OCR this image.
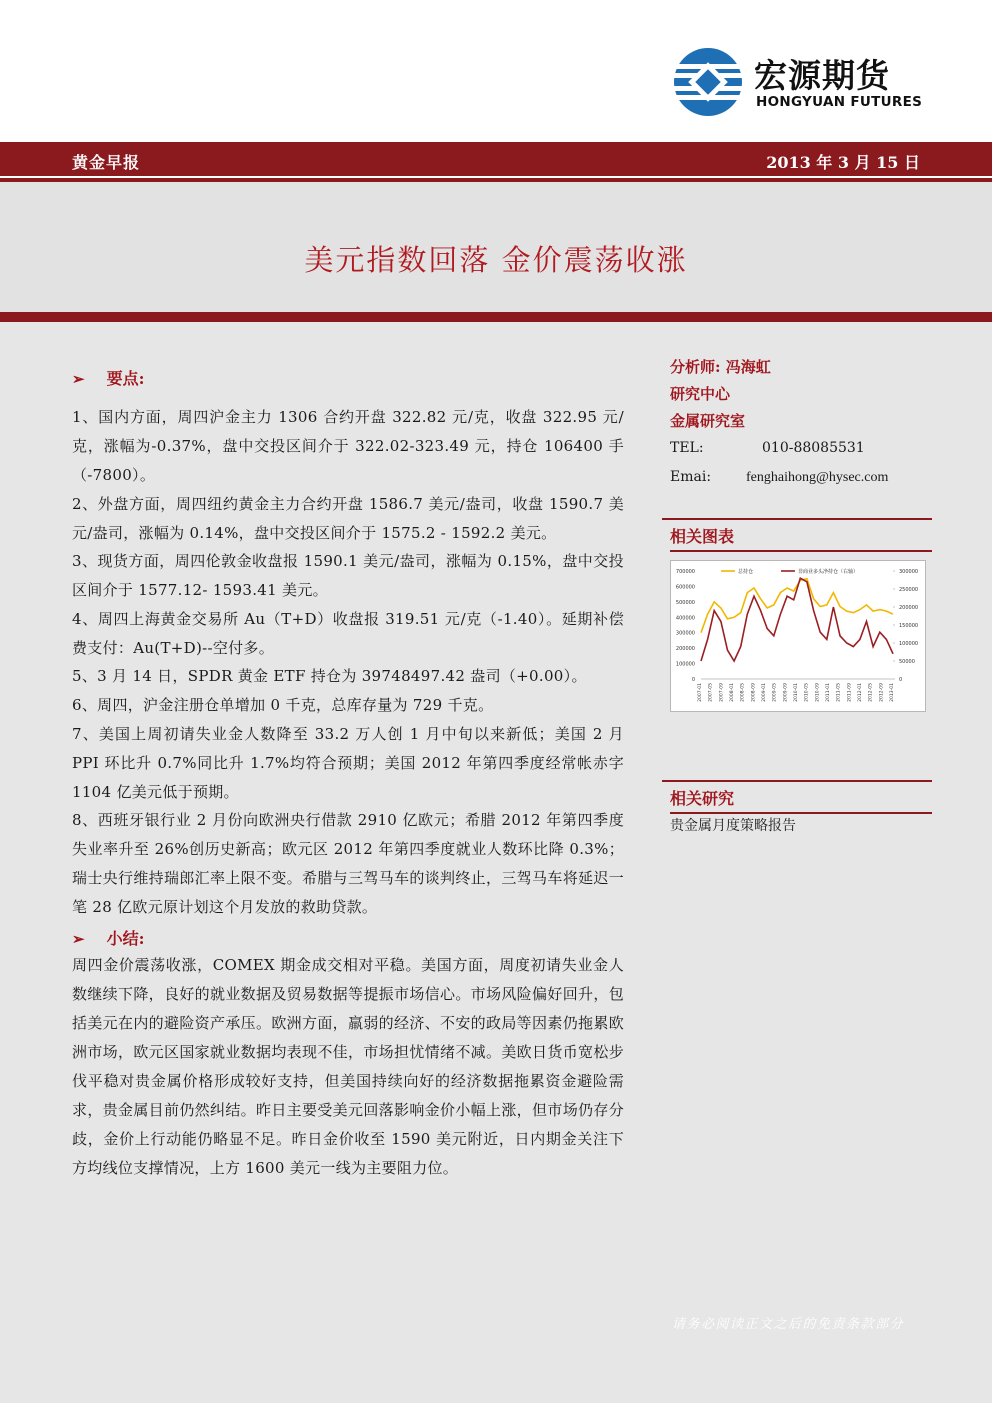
宏源期货
HONGYUAN FUTURES
黄金早报	2013 年 3 月 15 日
美元指数回落 金价震荡收涨
➢ 要点:
1、国内方面，周四沪金主力 1306 合约开盘 322.82 元/克，收盘 322.95 元/克，涨幅为-0.37%，盘中交投区间介于 322.02-323.49 元，持仓 106400 手（-7800）。
2、外盘方面，周四纽约黄金主力合约开盘 1586.7 美元/盎司，收盘 1590.7 美元/盎司，涨幅为 0.14%，盘中交投区间介于 1575.2 - 1592.2 美元。
3、现货方面，周四伦敦金收盘报 1590.1 美元/盎司，涨幅为 0.15%，盘中交投区间介于 1577.12- 1593.41 美元。
4、周四上海黄金交易所 Au（T+D）收盘报 319.51 元/克（-1.40）。延期补偿费支付：Au(T+D)--空付多。
5、3 月 14 日，SPDR 黄金 ETF 持仓为 39748497.42 盎司（+0.00）。
6、周四，沪金注册仓单增加 0 千克，总库存量为 729 千克。
7、美国上周初请失业金人数降至 33.2 万人创 1 月中旬以来新低；美国 2 月 PPI 环比升 0.7%同比升 1.7%均符合预期；美国 2012 年第四季度经常帐赤字 1104 亿美元低于预期。
8、西班牙银行业 2 月份向欧洲央行借款 2910 亿欧元；希腊 2012 年第四季度失业率升至 26%创历史新高；欧元区 2012 年第四季度就业人数环比降 0.3%；瑞士央行维持瑞郎汇率上限不变。希腊与三驾马车的谈判终止，三驾马车将延迟一笔 28 亿欧元原计划这个月发放的救助贷款。
➢ 小结:
周四金价震荡收涨，COMEX 期金成交相对平稳。美国方面，周度初请失业金人数继续下降，良好的就业数据及贸易数据等提振市场信心。市场风险偏好回升，包括美元在内的避险资产承压。欧洲方面，羸弱的经济、不安的政局等因素仍拖累欧洲市场，欧元区国家就业数据均表现不佳，市场担忧情绪不减。美欧日货币宽松步伐平稳对贵金属价格形成较好支持，但美国持续向好的经济数据拖累资金避险需求，贵金属目前仍然纠结。昨日主要受美元回落影响金价小幅上涨，但市场仍存分歧，金价上行动能仍略显不足。昨日金价收至 1590 美元附近，日内期金关注下方均线位支撑情况，上方 1600 美元一线为主要阻力位。
分析师: 冯海虹
研究中心
金属研究室
TEL:	010-88085531
Emai: fenghaihong@hysec.com
相关图表
700000
600000
500000
400000
300000
200000
100000
0
300000
250000
200000
150000
100000
50000
0
2007-01 2007-05 2007-09 2008-01 2008-05 2008-09 2009-01 2009-05 2009-09 2010-01 2010-05 2010-09 2011-01 2011-05 2011-09 2012-01 2012-05 2012-09 2013-01
总持仓	非商业多头净持仓（右轴）
相关研究
贵金属月度策略报告
请务必阅读正文之后的免责条款部分
